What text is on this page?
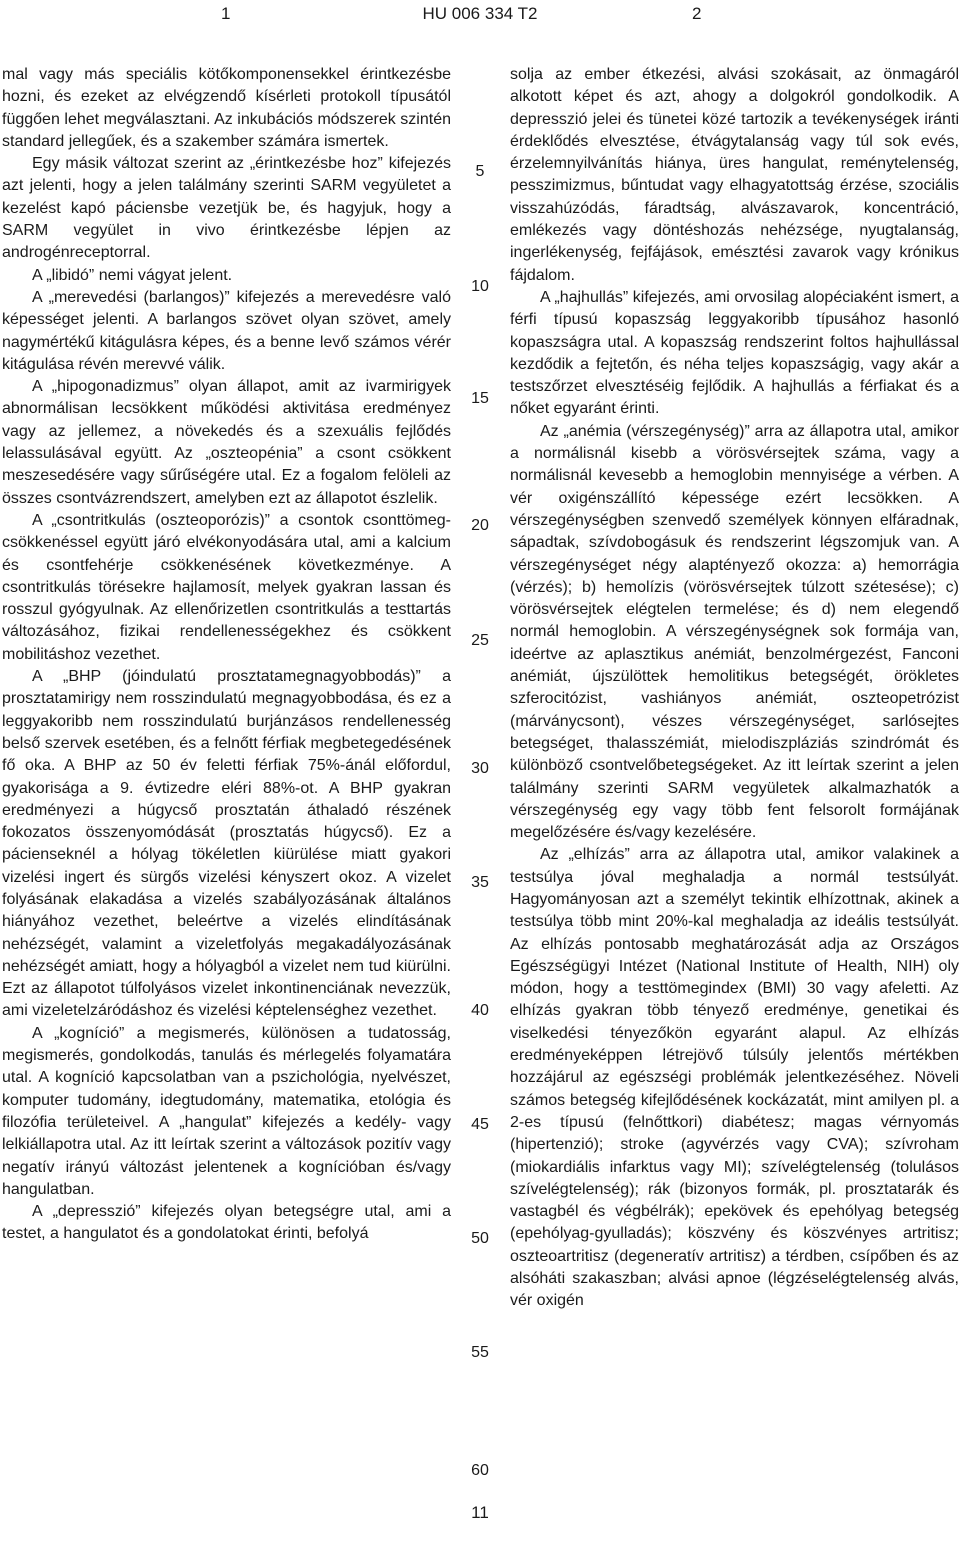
1	HU 006 334 T2	2

mal vagy más speciális kötőkomponensekkel érintkezésbe hozni, és ezeket az elvégzendő kísérleti protokoll típusától függően lehet megválasztani. Az inkubációs módszerek szintén standard jellegűek, és a szakember számára ismertek.

Egy másik változat szerint az „érintkezésbe hoz” kifejezés azt jelenti, hogy a jelen találmány szerinti SARM vegyületet a kezelést kapó páciensbe vezetjük be, és hagyjuk, hogy a SARM vegyület in vivo érintkezésbe lépjen az androgénreceptorral.

A „libidó” nemi vágyat jelent.

A „merevedési (barlangos)” kifejezés a merevedésre való képességet jelenti. A barlangos szövet olyan szövet, amely nagymértékű kitágulásra képes, és a benne levő számos vérér kitágulása révén merevvé válik.

A „hipogonadizmus” olyan állapot, amit az ivarmirigyek abnormálisan lecsökkent működési aktivitása eredményez vagy az jellemez, a növekedés és a szexuális fejlődés lelassulásával együtt. Az „oszteopénia” a csont csökkent meszesedésére vagy sűrűségére utal. Ez a fogalom felöleli az összes csontvázrendszert, amelyben ezt az állapotot észlelik.

A „csontritkulás (oszteoporózis)” a csontok csonttömeg-csökkenéssel együtt járó elvékonyodására utal, ami a kalcium és csontfehérje csökkenésének következménye. A csontritkulás törésekre hajlamosít, melyek gyakran lassan és rosszul gyógyulnak. Az ellenőrizetlen csontritkulás a testtartás változásához, fizikai rendellenességekhez és csökkent mobilitáshoz vezethet.

A „BHP (jóindulatú prosztatamegnagyobbodás)” a prosztatamirigy nem rosszindulatú megnagyobbodása, és ez a leggyakoribb nem rosszindulatú burjánzásos rendellenesség belső szervek esetében, és a felnőtt férfiak megbetegedésének fő oka. A BHP az 50 év feletti férfiak 75%-ánál előfordul, gyakorisága a 9. évtizedre eléri 88%-ot. A BHP gyakran eredményezi a húgycső prosztatán áthaladó részének fokozatos összenyomódását (prosztatás húgycső). Ez a pácienseknél a hólyag tökéletlen kiürülése miatt gyakori vizelési ingert és sürgős vizelési kényszert okoz. A vizelet folyásának elakadása a vizelés szabályozásának általános hiányához vezethet, beleértve a vizelés elindításának nehézségét, valamint a vizeletfolyás megakadályozásának nehézségét amiatt, hogy a hólyagból a vizelet nem tud kiürülni. Ezt az állapotot túlfolyásos vizelet inkontinenciának nevezzük, ami vizeletelzáródáshoz és vizelési képtelenséghez vezethet.

A „kogníció” a megismerés, különösen a tudatosság, megismerés, gondolkodás, tanulás és mérlegelés folyamatára utal. A kogníció kapcsolatban van a pszichológia, nyelvészet, komputer tudomány, idegtudomány, matematika, etológia és filozófia területeivel. A „hangulat” kifejezés a kedély- vagy lelkiállapotra utal. Az itt leírtak szerint a változások pozitív vagy negatív irányú változást jelentenek a kognícióban és/vagy hangulatban.

A „depresszió” kifejezés olyan betegségre utal, ami a testet, a hangulatot és a gondolatokat érinti, befolyá

solja az ember étkezési, alvási szokásait, az önmagáról alkotott képet és azt, ahogy a dolgokról gondolkodik. A depresszió jelei és tünetei közé tartozik a tevékenységek iránti érdeklődés elvesztése, étvágytalanság vagy túl sok evés, érzelemnyilvánítás hiánya, üres hangulat, reménytelenség, pesszimizmus, bűntudat vagy elhagyatottság érzése, szociális visszahúzódás, fáradtság, alvászavarok, koncentráció, emlékezés vagy döntéshozás nehézsége, nyugtalanság, ingerlékenység, fejfájások, emésztési zavarok vagy krónikus fájdalom.

A „hajhullás” kifejezés, ami orvosilag alopéciaként ismert, a férfi típusú kopaszság leggyakoribb típusához hasonló kopaszságra utal. A kopaszság rendszerint foltos hajhullással kezdődik a fejtetőn, és néha teljes kopaszságig, vagy akár a testszőrzet elvesztéséig fejlődik. A hajhullás a férfiakat és a nőket egyaránt érinti.

Az „anémia (vérszegénység)” arra az állapotra utal, amikor a normálisnál kisebb a vörösvérsejtek száma, vagy a normálisnál kevesebb a hemoglobin mennyisége a vérben. A vér oxigénszállító képessége ezért lecsökken. A vérszegénységben szenvedő személyek könnyen elfáradnak, sápadtak, szívdobogásuk és rendszerint légszomjuk van. A vérszegénységet négy alaptényező okozza: a) hemorrágia (vérzés); b) hemolízis (vörösvérsejtek túlzott szétesése); c) vörösvérsejtek elégtelen termelése; és d) nem elegendő normál hemoglobin. A vérszegénységnek sok formája van, ideértve az aplasztikus anémiát, benzolmérgezést, Fanconi anémiát, újszülöttek hemolitikus betegségét, örökletes szferocitózist, vashiányos anémiát, oszteopetrózist (márványcsont), vészes vérszegénységet, sarlósejtes betegséget, thalasszémiát, mielodiszpláziás szindrómát és különböző csontvelőbetegségeket. Az itt leírtak szerint a jelen találmány szerinti SARM vegyületek alkalmazhatók a vérszegénység egy vagy több fent felsorolt formájának megelőzésére és/vagy kezelésére.

Az „elhízás” arra az állapotra utal, amikor valakinek a testsúlya jóval meghaladja a normál testsúlyát. Hagyományosan azt a személyt tekintik elhízottnak, akinek a testsúlya több mint 20%-kal meghaladja az ideális testsúlyát. Az elhízás pontosabb meghatározását adja az Országos Egészségügyi Intézet (National Institute of Health, NIH) oly módon, hogy a testtömegindex (BMI) 30 vagy afeletti. Az elhízás gyakran több tényező eredménye, genetikai és viselkedési tényezőkön egyaránt alapul. Az elhízás eredményeképpen létrejövő túlsúly jelentős mértékben hozzájárul az egészségi problémák jelentkezéséhez. Növeli számos betegség kifejlődésének kockázatát, mint amilyen pl. a 2-es típusú (felnőttkori) diabétesz; magas vérnyomás (hipertenzió); stroke (agyvérzés vagy CVA); szívroham (miokardiális infarktus vagy MI); szívelégtelenség (tolulásos szívelégtelenség); rák (bizonyos formák, pl. prosztatarák és vastagbél és végbélrák); epekövek és epehólyag betegség (epehólyag-gyulladás); köszvény és köszvényes artritisz; oszteoartritisz (degeneratív artritisz) a térdben, csípőben és az alsóháti szakaszban; alvási apnoe (légzéselégtelenség alvás, vér oxigén

5
10
15
20
25
30
35
40
45
50
55
60
11
